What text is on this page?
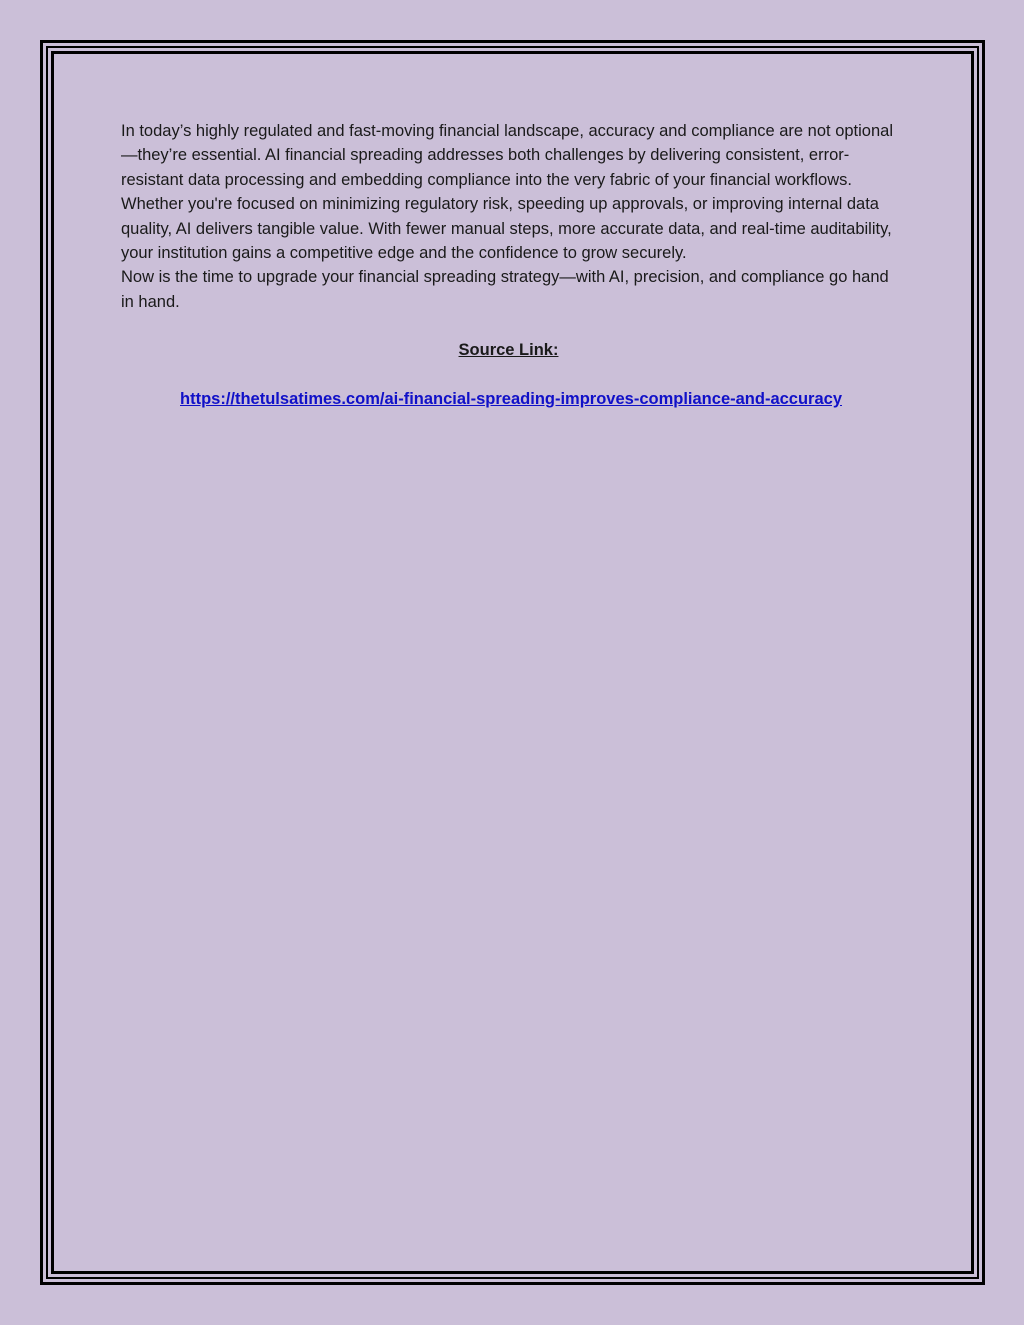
In today’s highly regulated and fast-moving financial landscape, accuracy and compliance are not optional—they’re essential. AI financial spreading addresses both challenges by delivering consistent, error-resistant data processing and embedding compliance into the very fabric of your financial workflows.

Whether you're focused on minimizing regulatory risk, speeding up approvals, or improving internal data quality, AI delivers tangible value. With fewer manual steps, more accurate data, and real-time auditability, your institution gains a competitive edge and the confidence to grow securely.

Now is the time to upgrade your financial spreading strategy—with AI, precision, and compliance go hand in hand.

Source Link:

https://thetulsatimes.com/ai-financial-spreading-improves-compliance-and-accuracy
